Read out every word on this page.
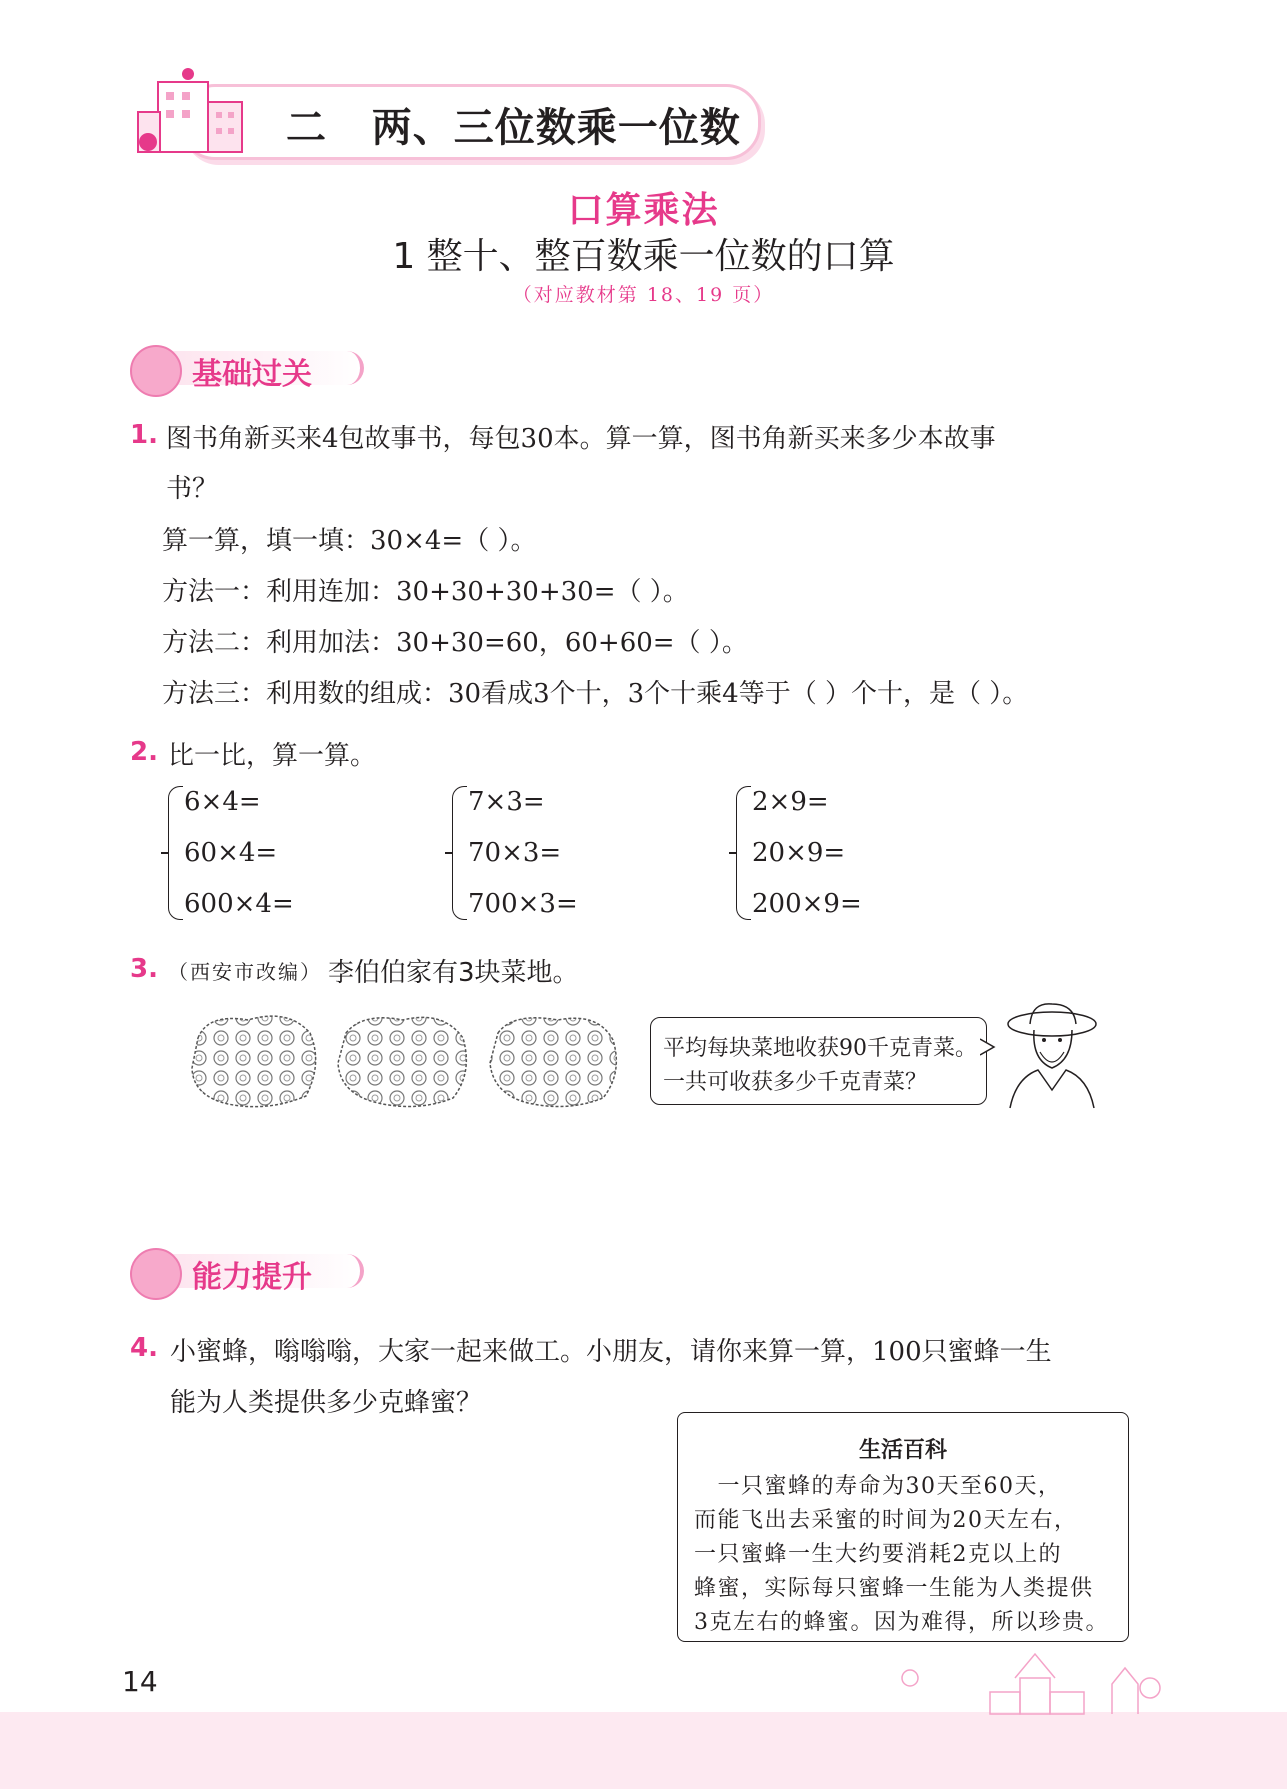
二 两、三位数乘一位数
口算乘法
1 整十、整百数乘一位数的口算
（对应教材第 18、19 页）
基础过关
1. 图书角新买来4包故事书，每包30本。算一算，图书角新买来多少本故事
书？
算一算，填一填：30×4=（ ）。
方法一：利用连加：30+30+30+30=（ ）。
方法二：利用加法：30+30=60，60+60=（ ）。
方法三：利用数的组成：30看成3个十，3个十乘4等于（ ）个十，是（ ）。
2. 比一比，算一算。
6×4=
60×4=
600×4=
7×3=
70×3=
700×3=
2×9=
20×9=
200×9=
3. （西安市改编） 李伯伯家有3块菜地。
平均每块菜地收获90千克青菜。
一共可收获多少千克青菜？
能力提升
4. 小蜜蜂，嗡嗡嗡，大家一起来做工。小朋友，请你来算一算，100只蜜蜂一生
能为人类提供多少克蜂蜜？
生活百科
　一只蜜蜂的寿命为30天至60天，
而能飞出去采蜜的时间为20天左右，
一只蜜蜂一生大约要消耗2克以上的
蜂蜜，实际每只蜜蜂一生能为人类提供
3克左右的蜂蜜。因为难得，所以珍贵。
14
